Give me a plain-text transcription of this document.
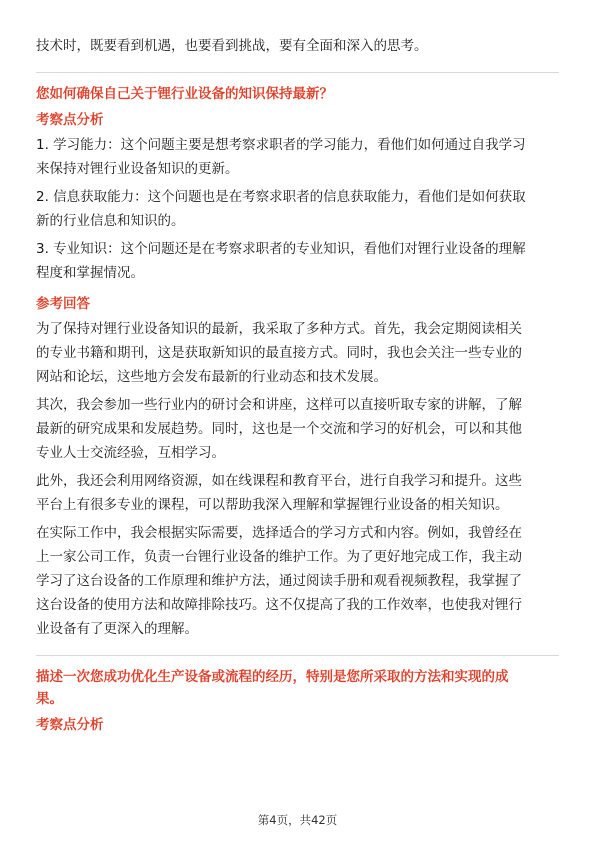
技术时，既要看到机遇，也要看到挑战，要有全面和深入的思考。

您如何确保自己关于锂行业设备的知识保持最新？

考察点分析

1. 学习能力：这个问题主要是想考察求职者的学习能力，看他们如何通过自我学习

来保持对锂行业设备知识的更新。

2. 信息获取能力：这个问题也是在考察求职者的信息获取能力，看他们是如何获取

新的行业信息和知识的。

3. 专业知识：这个问题还是在考察求职者的专业知识，看他们对锂行业设备的理解

程度和掌握情况。

参考回答

为了保持对锂行业设备知识的最新，我采取了多种方式。首先，我会定期阅读相关

的专业书籍和期刊，这是获取新知识的最直接方式。同时，我也会关注一些专业的

网站和论坛，这些地方会发布最新的行业动态和技术发展。

其次，我会参加一些行业内的研讨会和讲座，这样可以直接听取专家的讲解，了解

最新的研究成果和发展趋势。同时，这也是一个交流和学习的好机会，可以和其他

专业人士交流经验，互相学习。

此外，我还会利用网络资源，如在线课程和教育平台，进行自我学习和提升。这些

平台上有很多专业的课程，可以帮助我深入理解和掌握锂行业设备的相关知识。

在实际工作中，我会根据实际需要，选择适合的学习方式和内容。例如，我曾经在

上一家公司工作，负责一台锂行业设备的维护工作。为了更好地完成工作，我主动

学习了这台设备的工作原理和维护方法，通过阅读手册和观看视频教程，我掌握了

这台设备的使用方法和故障排除技巧。这不仅提高了我的工作效率，也使我对锂行

业设备有了更深入的理解。

描述一次您成功优化生产设备或流程的经历，特别是您所采取的方法和实现的成

果。

考察点分析

第4页，共42页
